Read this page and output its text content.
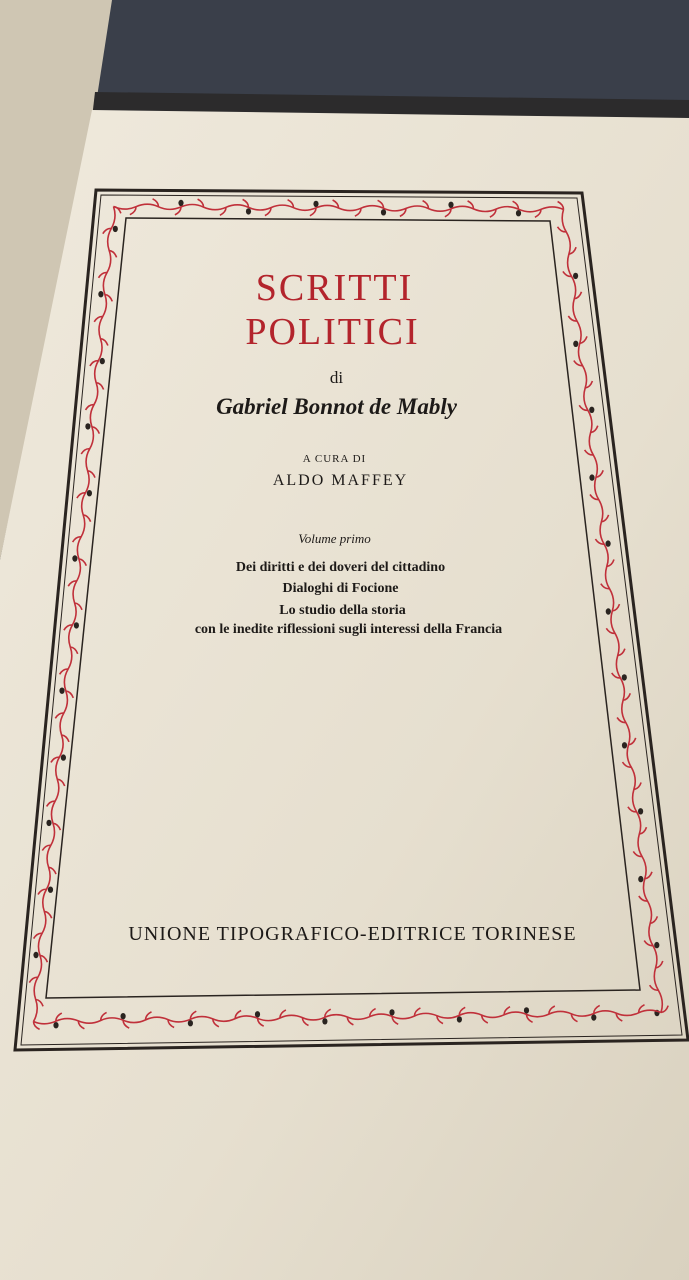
SCRITTI
POLITICI
di
Gabriel Bonnot de Mably
A CURA DI
ALDO MAFFEY
Volume primo
Dei diritti e dei doveri del cittadino
Dialoghi di Focione
Lo studio della storia
con le inedite riflessioni sugli interessi della Francia
UNIONE TIPOGRAFICO-EDITRICE TORINESE
